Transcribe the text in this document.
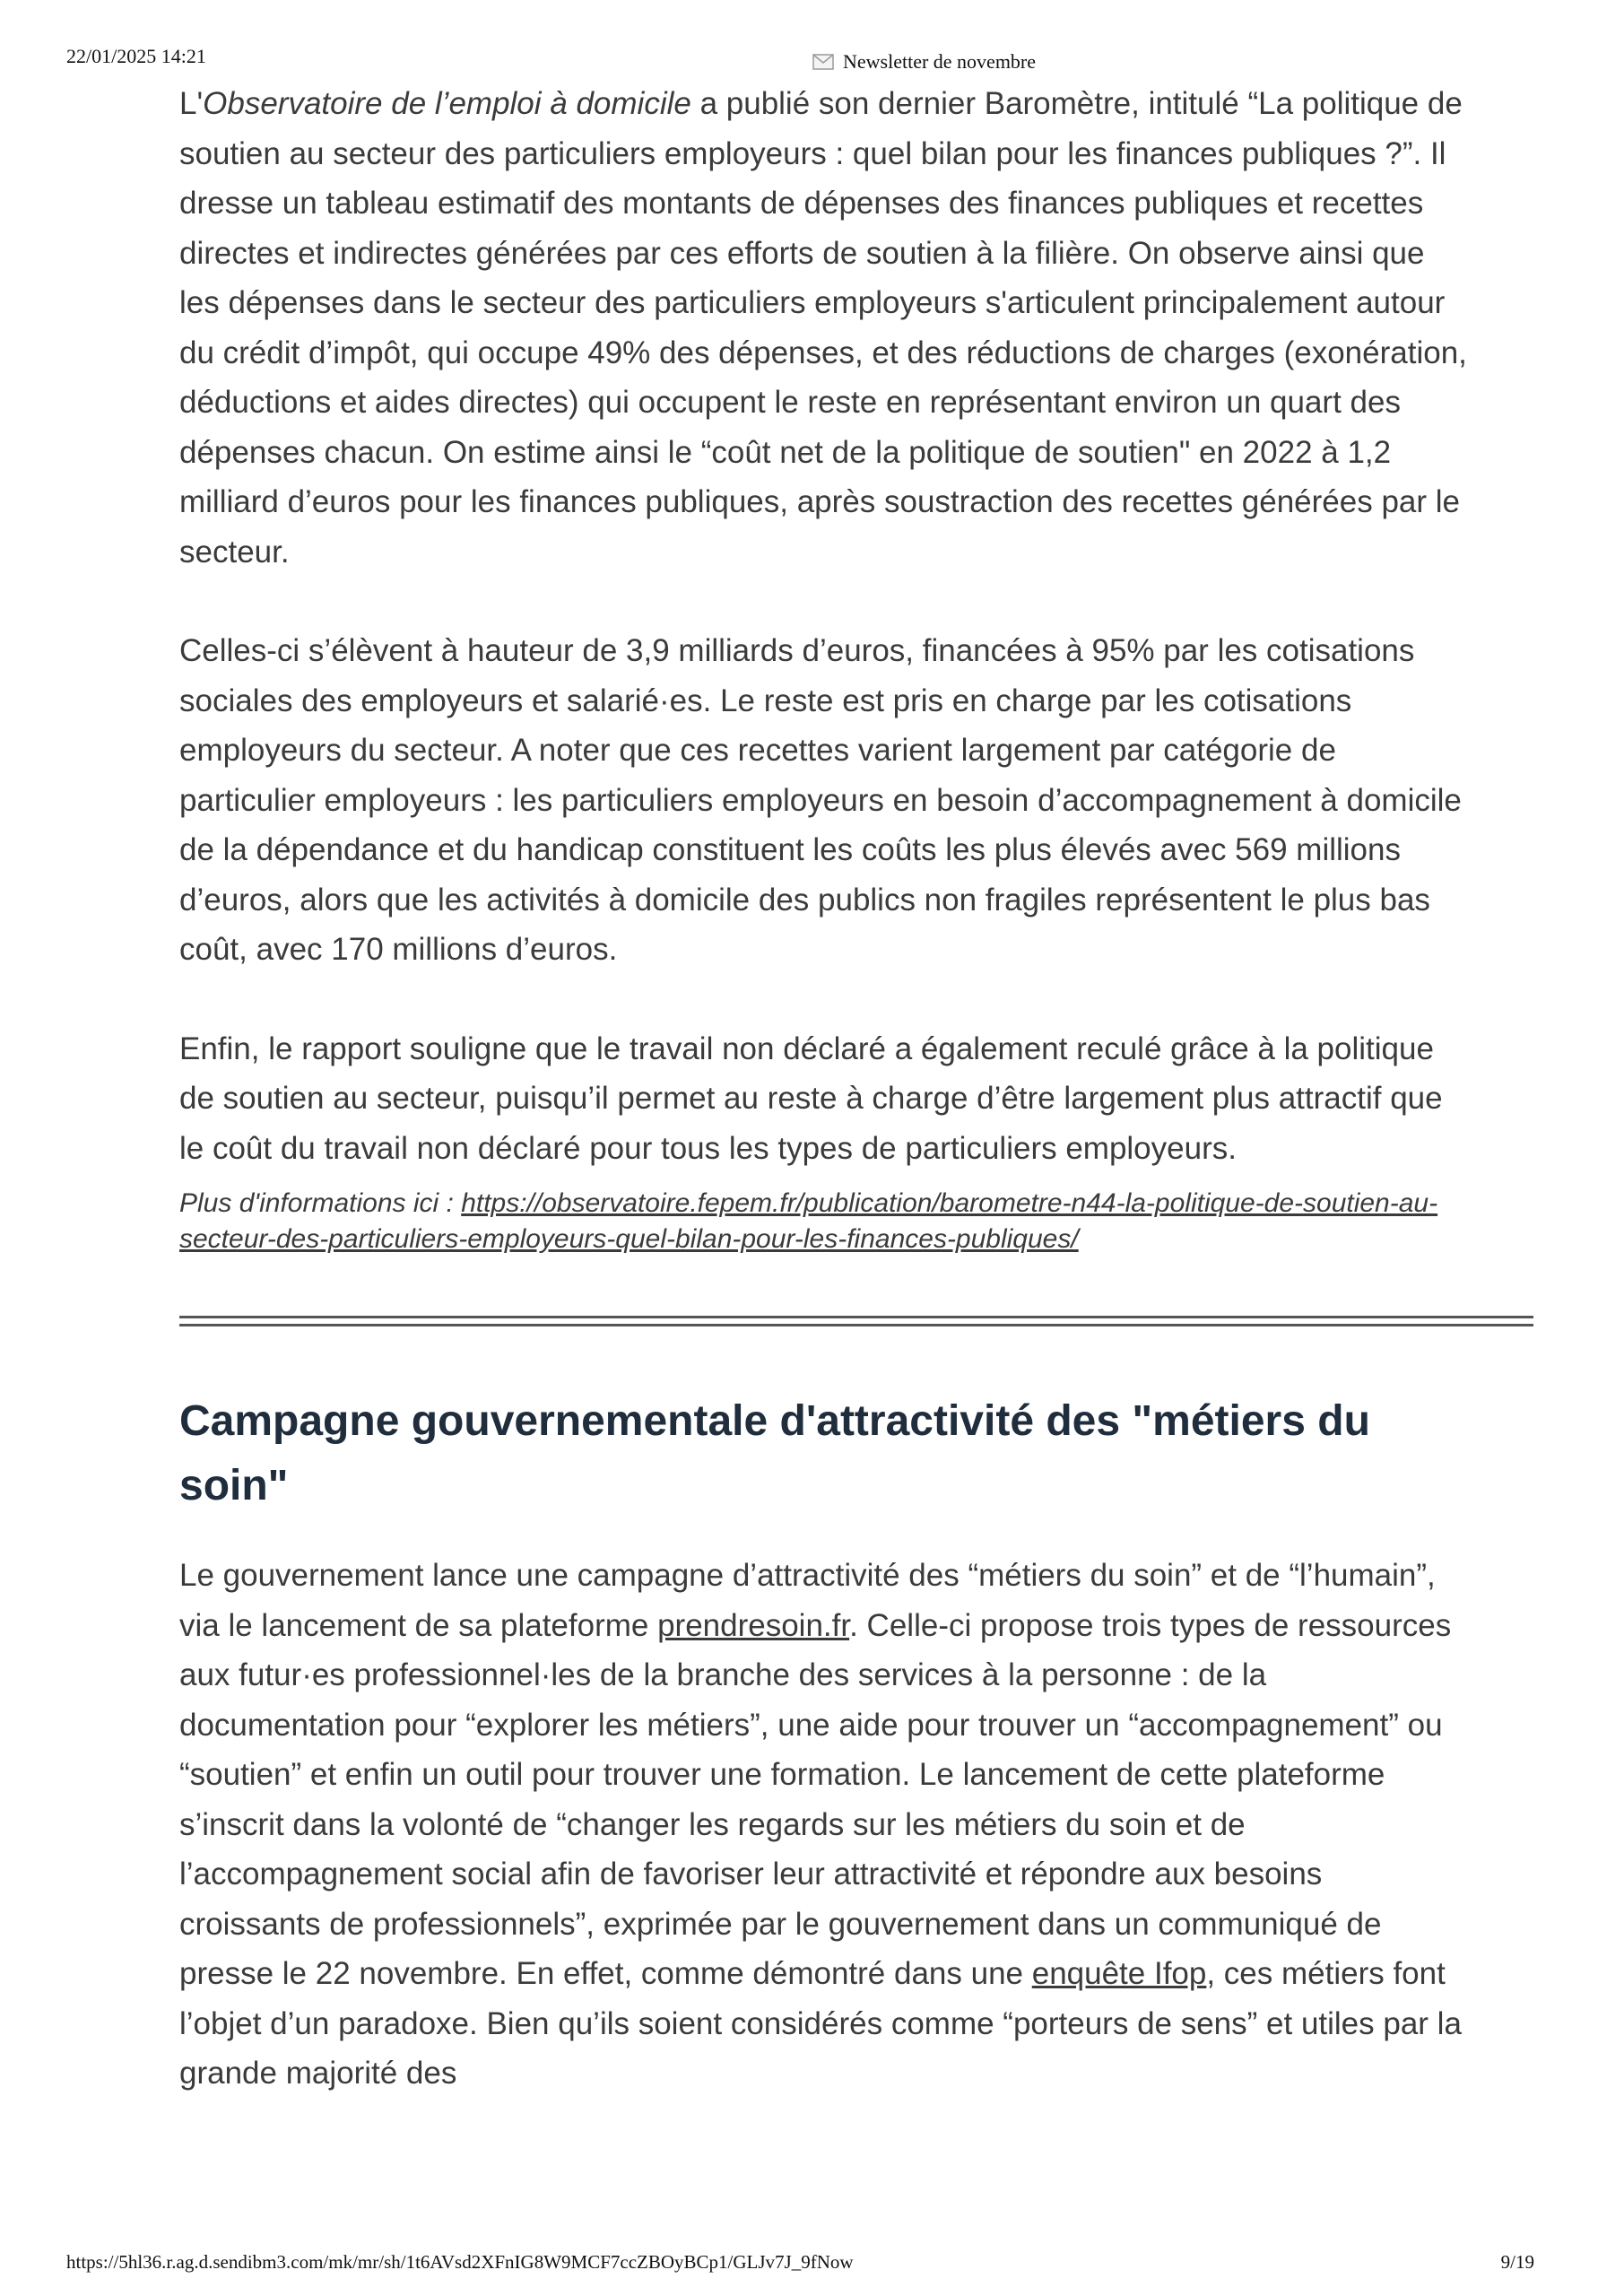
22/01/2025 14:21	Newsletter de novembre

L'Observatoire de l’emploi à domicile a publié son dernier Baromètre, intitulé “La politique de soutien au secteur des particuliers employeurs : quel bilan pour les finances publiques ?”. Il dresse un tableau estimatif des montants de dépenses des finances publiques et recettes directes et indirectes générées par ces efforts de soutien à la filière. On observe ainsi que les dépenses dans le secteur des particuliers employeurs s'articulent principalement autour du crédit d’impôt, qui occupe 49% des dépenses, et des réductions de charges (exonération, déductions et aides directes) qui occupent le reste en représentant environ un quart des dépenses chacun. On estime ainsi le “coût net de la politique de soutien" en 2022 à 1,2 milliard d’euros pour les finances publiques, après soustraction des recettes générées par le secteur.

Celles-ci s’élèvent à hauteur de 3,9 milliards d’euros, financées à 95% par les cotisations sociales des employeurs et salarié·es. Le reste est pris en charge par les cotisations employeurs du secteur. A noter que ces recettes varient largement par catégorie de particulier employeurs : les particuliers employeurs en besoin d’accompagnement à domicile de la dépendance et du handicap constituent les coûts les plus élevés avec 569 millions d’euros, alors que les activités à domicile des publics non fragiles représentent le plus bas coût, avec 170 millions d’euros.

Enfin, le rapport souligne que le travail non déclaré a également reculé grâce à la politique de soutien au secteur, puisqu’il permet au reste à charge d’être largement plus attractif que le coût du travail non déclaré pour tous les types de particuliers employeurs.

Plus d'informations ici : https://observatoire.fepem.fr/publication/barometre-n44-la-politique-de-soutien-au-secteur-des-particuliers-employeurs-quel-bilan-pour-les-finances-publiques/
Campagne gouvernementale d'attractivité des "métiers du soin"

Le gouvernement lance une campagne d’attractivité des “métiers du soin” et de “l’humain”, via le lancement de sa plateforme prendresoin.fr. Celle-ci propose trois types de ressources aux futur·es professionnel·les de la branche des services à la personne : de la documentation pour “explorer les métiers”, une aide pour trouver un “accompagnement” ou “soutien” et enfin un outil pour trouver une formation. Le lancement de cette plateforme s’inscrit dans la volonté de “changer les regards sur les métiers du soin et de l’accompagnement social afin de favoriser leur attractivité et répondre aux besoins croissants de professionnels”, exprimée par le gouvernement dans un communiqué de presse le 22 novembre. En effet, comme démontré dans une enquête Ifop, ces métiers font l’objet d’un paradoxe. Bien qu’ils soient considérés comme “porteurs de sens” et utiles par la grande majorité des

https://5hl36.r.ag.d.sendibm3.com/mk/mr/sh/1t6AVsd2XFnIG8W9MCF7ccZBOyBCp1/GLJv7J_9fNow	9/19
